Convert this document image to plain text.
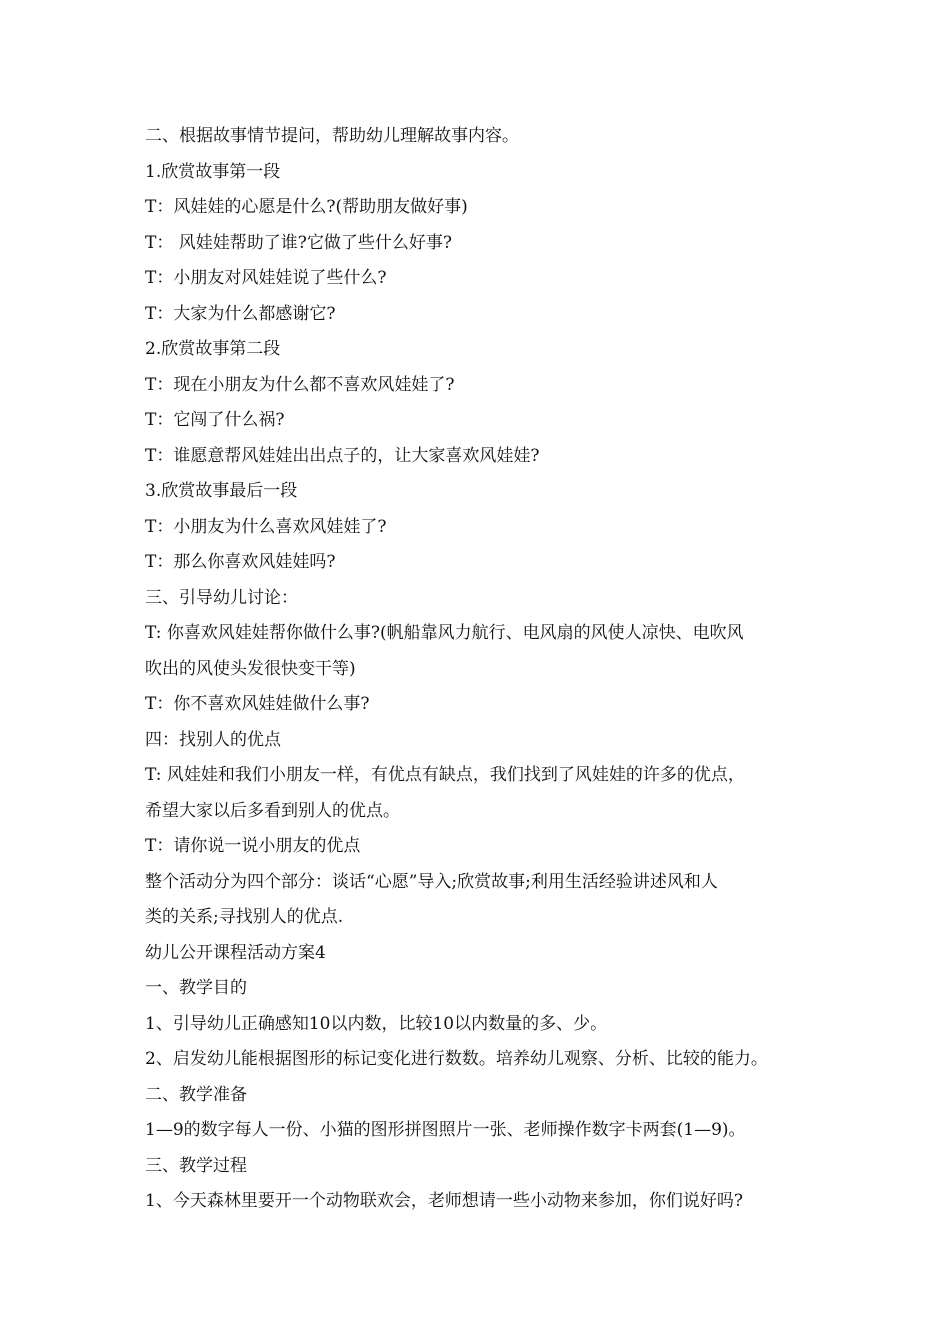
二、根据故事情节提问，帮助幼儿理解故事内容。

1.欣赏故事第一段

T：风娃娃的心愿是什么?(帮助朋友做好事)

T： 风娃娃帮助了谁?它做了些什么好事?

T：小朋友对风娃娃说了些什么?

T：大家为什么都感谢它?

2.欣赏故事第二段

T：现在小朋友为什么都不喜欢风娃娃了?

T：它闯了什么祸?

T：谁愿意帮风娃娃出出点子的，让大家喜欢风娃娃?

3.欣赏故事最后一段

T：小朋友为什么喜欢风娃娃了?

T：那么你喜欢风娃娃吗?

三、引导幼儿讨论：

T: 你喜欢风娃娃帮你做什么事?(帆船靠风力航行、电风扇的风使人凉快、电吹风

吹出的风使头发很快变干等)

T：你不喜欢风娃娃做什么事?

四：找别人的优点

T: 风娃娃和我们小朋友一样，有优点有缺点，我们找到了风娃娃的许多的优点，

希望大家以后多看到别人的优点。

T：请你说一说小朋友的优点

整个活动分为四个部分：谈话“心愿”导入;欣赏故事;利用生活经验讲述风和人

类的关系;寻找别人的优点.

幼儿公开课程活动方案4

一、教学目的

1、引导幼儿正确感知10以内数，比较10以内数量的多、少。

2、启发幼儿能根据图形的标记变化进行数数。培养幼儿观察、分析、比较的能力。

二、教学准备

1—9的数字每人一份、小猫的图形拼图照片一张、老师操作数字卡两套(1—9)。

三、教学过程

1、今天森林里要开一个动物联欢会，老师想请一些小动物来参加，你们说好吗?
